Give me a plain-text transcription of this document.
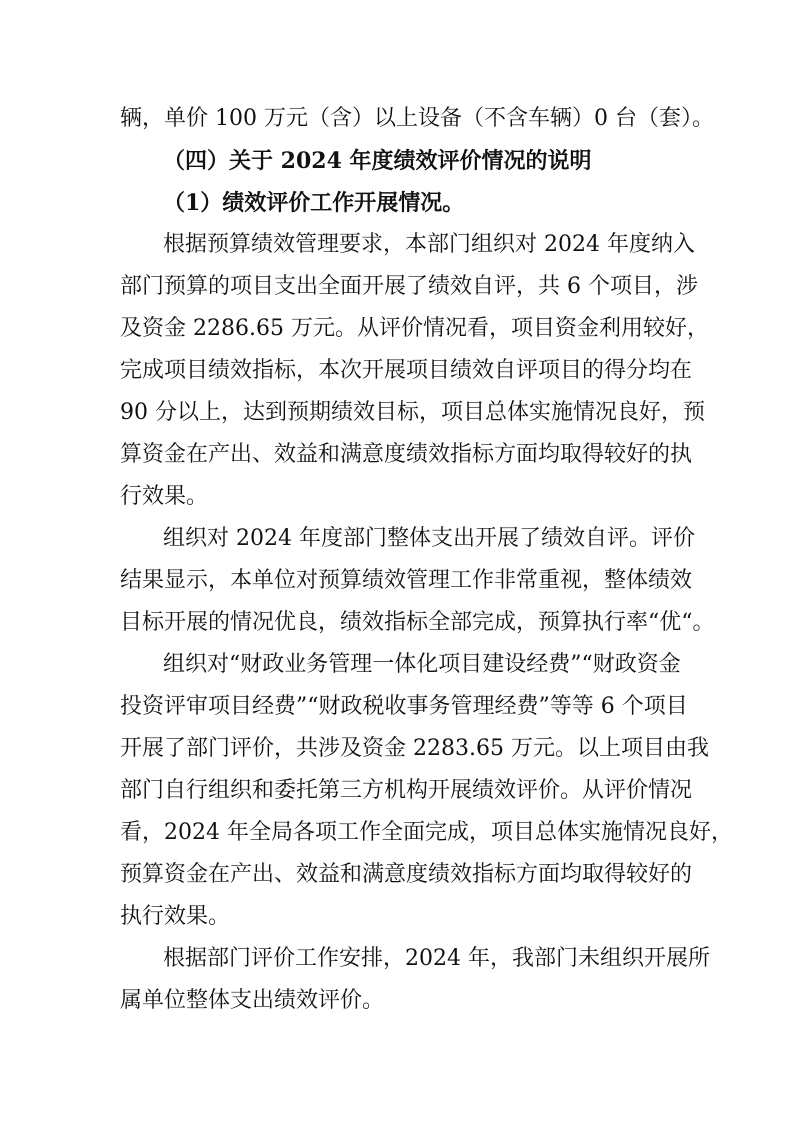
辆，单价 100 万元（含）以上设备（不含车辆）0 台（套）。
（四）关于 2024 年度绩效评价情况的说明
（1）绩效评价工作开展情况。
根据预算绩效管理要求，本部门组织对 2024 年度纳入
部门预算的项目支出全面开展了绩效自评，共 6 个项目，涉
及资金 2286.65 万元。从评价情况看，项目资金利用较好，
完成项目绩效指标，本次开展项目绩效自评项目的得分均在
90 分以上，达到预期绩效目标，项目总体实施情况良好，预
算资金在产出、效益和满意度绩效指标方面均取得较好的执
行效果。
组织对 2024 年度部门整体支出开展了绩效自评。评价
结果显示，本单位对预算绩效管理工作非常重视，整体绩效
目标开展的情况优良，绩效指标全部完成，预算执行率“优“。
组织对“财政业务管理一体化项目建设经费”“财政资金
投资评审项目经费”“财政税收事务管理经费”等等 6 个项目
开展了部门评价，共涉及资金 2283.65 万元。以上项目由我
部门自行组织和委托第三方机构开展绩效评价。从评价情况
看，2024 年全局各项工作全面完成，项目总体实施情况良好，
预算资金在产出、效益和满意度绩效指标方面均取得较好的
执行效果。
根据部门评价工作安排，2024 年，我部门未组织开展所
属单位整体支出绩效评价。
